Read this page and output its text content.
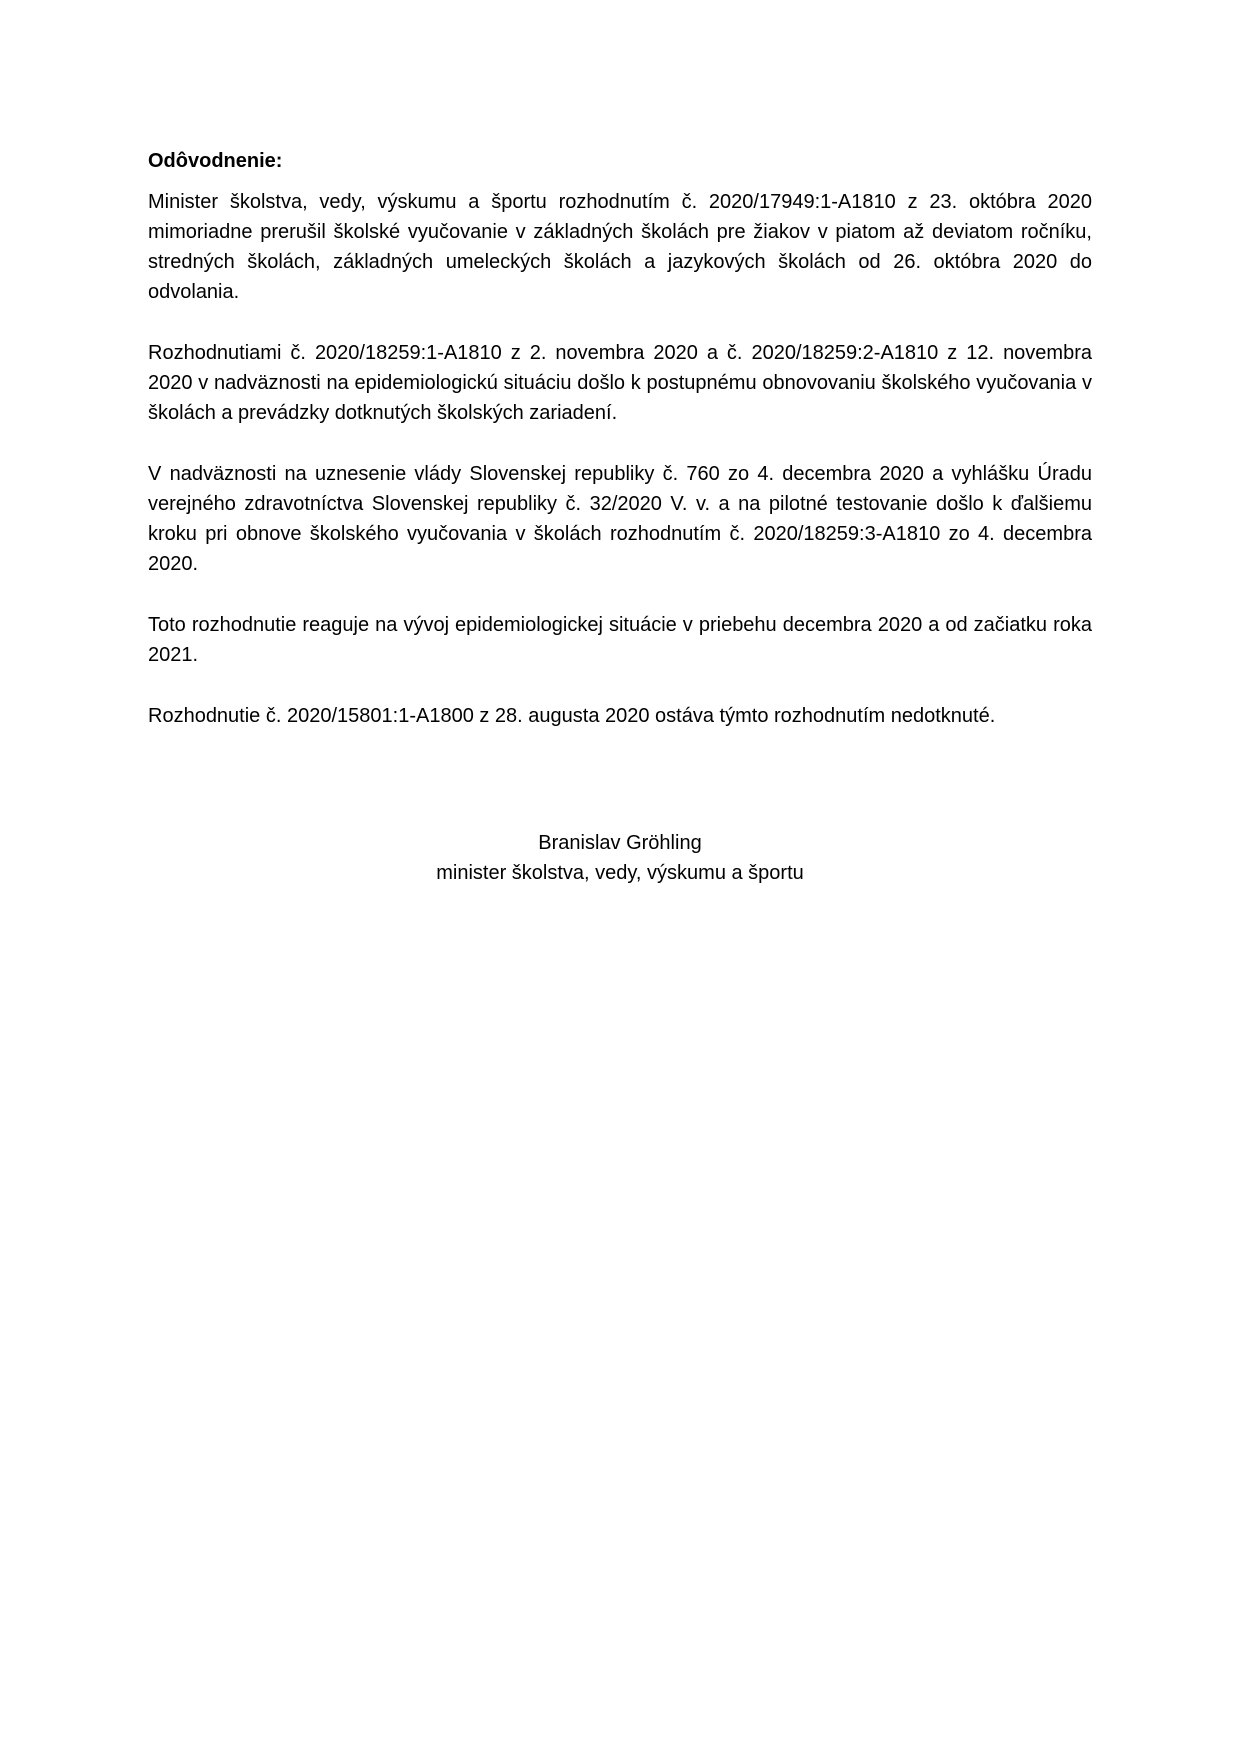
Odôvodnenie:

Minister školstva, vedy, výskumu a športu rozhodnutím č. 2020/17949:1-A1810 z 23. októbra 2020 mimoriadne prerušil školské vyučovanie v základných školách pre žiakov v piatom až deviatom ročníku, stredných školách, základných umeleckých školách a jazykových školách od 26. októbra 2020 do odvolania.

Rozhodnutiami č. 2020/18259:1-A1810 z 2. novembra 2020 a č. 2020/18259:2-A1810 z 12. novembra 2020 v nadväznosti na epidemiologickú situáciu došlo k postupnému obnovovaniu školského vyučovania v školách a prevádzky dotknutých školských zariadení.

V nadväznosti na uznesenie vlády Slovenskej republiky č. 760 zo 4. decembra 2020 a vyhlášku Úradu verejného zdravotníctva Slovenskej republiky č. 32/2020 V. v. a na pilotné testovanie došlo k ďalšiemu kroku pri obnove školského vyučovania v školách rozhodnutím č. 2020/18259:3-A1810 zo 4. decembra 2020.

Toto rozhodnutie reaguje na vývoj epidemiologickej situácie v priebehu decembra 2020 a od začiatku roka 2021.

Rozhodnutie č. 2020/15801:1-A1800 z 28. augusta 2020 ostáva týmto rozhodnutím nedotknuté.

Branislav Gröhling
minister školstva, vedy, výskumu a športu
